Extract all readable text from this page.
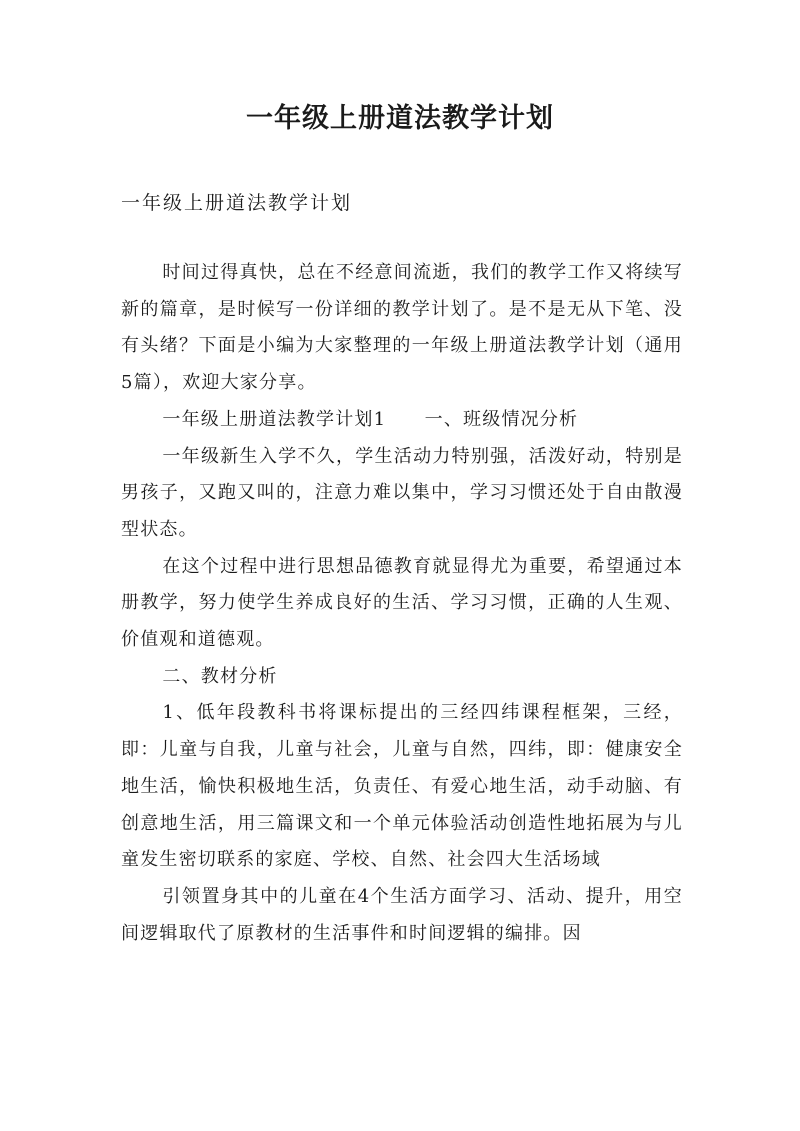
一年级上册道法教学计划
一年级上册道法教学计划

时间过得真快，总在不经意间流逝，我们的教学工作又将续写新的篇章，是时候写一份详细的教学计划了。是不是无从下笔、没有头绪？下面是小编为大家整理的一年级上册道法教学计划（通用5篇），欢迎大家分享。

一年级上册道法教学计划1　　一、班级情况分析

一年级新生入学不久，学生活动力特别强，活泼好动，特别是男孩子，又跑又叫的，注意力难以集中，学习习惯还处于自由散漫型状态。

在这个过程中进行思想品德教育就显得尤为重要，希望通过本册教学，努力使学生养成良好的生活、学习习惯，正确的人生观、价值观和道德观。

二、教材分析

1、低年段教科书将课标提出的三经四纬课程框架，三经，即：儿童与自我，儿童与社会，儿童与自然，四纬，即：健康安全地生活，愉快积极地生活，负责任、有爱心地生活，动手动脑、有创意地生活，用三篇课文和一个单元体验活动创造性地拓展为与儿童发生密切联系的家庭、学校、自然、社会四大生活场域

引领置身其中的儿童在4个生活方面学习、活动、提升，用空间逻辑取代了原教材的生活事件和时间逻辑的编排。因
